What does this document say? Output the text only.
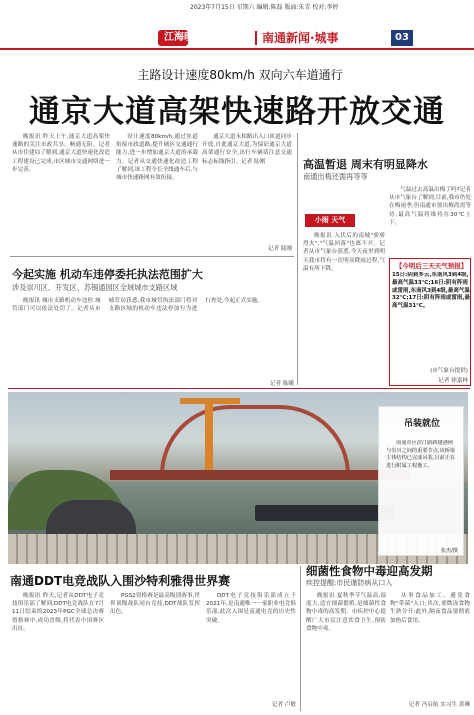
2023年7月15日 星期六 编辑:陈磊 版面:朱青 校对:李婷
江海晚报	南通新闻·城事	03
主路设计速度80km/h 双向六车道通行
通京大道高架快速路开放交通
晚报讯 昨天上午,通京大道高架快速路的关注市政共享、畅通无阻。记者从市住建局了解到,通京大道快速化改造工程建设已完成,市区城市交通网络进一步完善。
设计速度80km/h,通过匝道衔接市政道路,提升城区交通通行能力,进一步增加通京大道的承载力。记者从交通快速化改造工程了解到,该工程全长全线通车后,与城市快速路网有效衔接。
通京大道永和路出入口匝道同步开放,自此通京大道,为保证通京大道高架通行安全,出行车辆请注意交通标志标线指引。记者 陆刚
记者 陆刚
高温暂退 周末有明显降水
南通出梅还需再等等
小雨 天气
晚报讯 入伏后的南城"骄骄烈火","气温回落"也离不开。记者从市气象台获悉,今天夜里到明天我市将有一次明显降雨过程,气温有所下降。
气温过去高温出梅了吗?记者从市气象台了解到,目前,我市仍处在梅雨季,但南通市要出梅尚需等待,最高气温将维持在30℃上下。
【今明后三天天气预报】
15日:阴到多云,东南风3到4级,最高气温33℃;16日:阴有阵雨或雷雨,东南风3到4级,最高气温32℃;17日:阴有阵雨或雷雨,最高气温31℃。
(市气象台提供)
记者 徐嘉林
今起实施 机动车违停委托执法范围扩大
涉及崇川区、开发区、苏锡通园区全域城市支路区域
晚报讯 城市支路机动车违停,城管部门可以依法处罚了。记者从市城管局获悉,我市城管执法部门将对支路区域的机动车违法停放行为进行查处,今起正式实施。
记者 陈曦
吊装就位
南通市区滨江路跨越港闸与崇川之间的重要节点,该桥梁主体结构已完成吊装,目前正在进行附属工程施工。
张杰/摄
南通DDT电竞战队入围沙特利雅得世界赛
晚报讯 昨天,记者从DDT电子竞技俱乐部了解到,DDT电竞战队在7月11日结束的2023年PGC全球总决赛资格赛中,成功晋级,将代表中国赛区出征。
PGS2资格赛是最高级别赛事,世界顶级战队同台竞技,DDT战队发挥出色。
DDT电子竞技俱乐部成立于2021年,是南通唯一一家职业电竞俱乐部,此次入围是南通电竞的历史性突破。
记者 卢敏
细菌性食物中毒迎高发期
疾控提醒:市民谨防病从口入
晚报讯 夏秋季节气温高,湿度大,适宜细菌繁殖,是细菌性食物中毒的高发期。市疾控中心提醒广大市民注意饮食卫生,预防食物中毒。
从事食品加工、避免食物"带菌"入口;其次,要微冻食物生熟分开;此外,隔夜食品要彻底加热后食用。
记者 冯启航 实习生 黄琳
